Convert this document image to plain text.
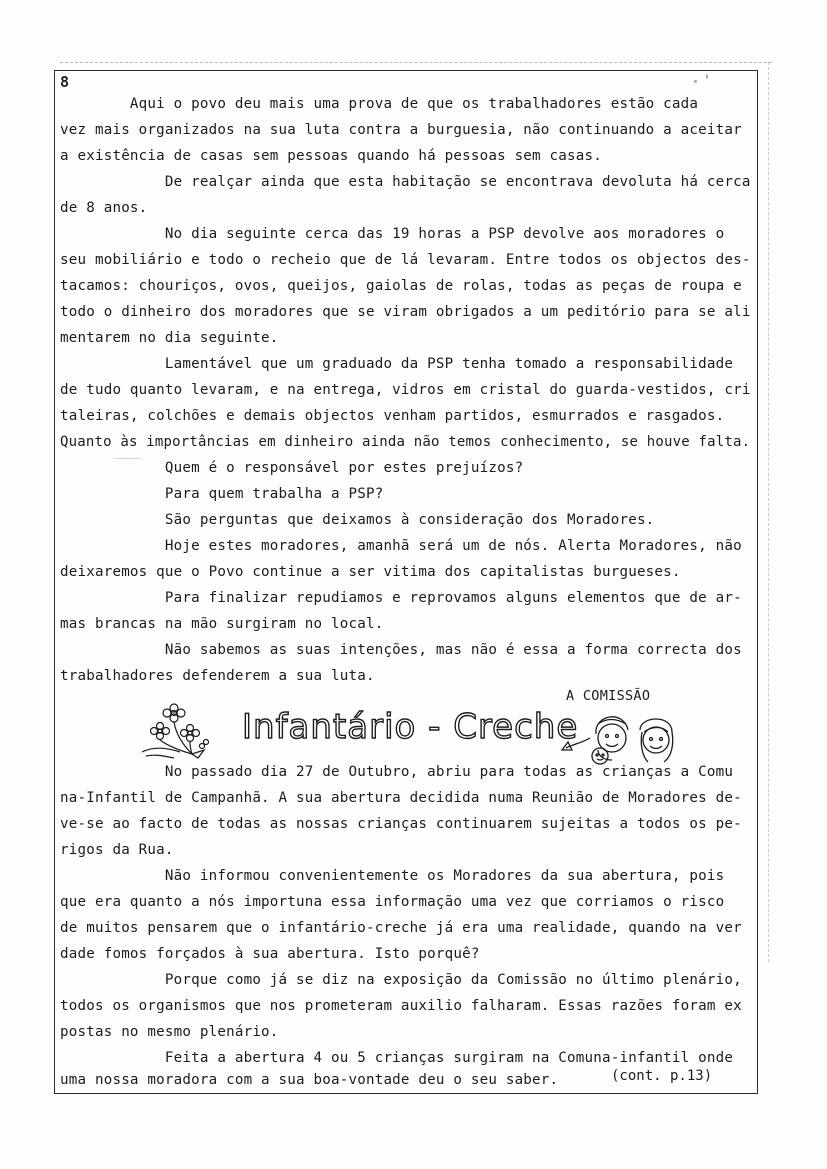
8
Aqui o povo deu mais uma prova de que os trabalhadores estão cada
vez mais organizados na sua luta contra a burguesia, não continuando a aceitar
a existência de casas sem pessoas quando há pessoas sem casas.
De realçar ainda que esta habitação se encontrava devoluta há cerca
de 8 anos.
No dia seguinte cerca das 19 horas a PSP devolve aos moradores o
seu mobiliário e todo o recheio que de lá levaram. Entre todos os objectos des-
tacamos: chouriços, ovos, queijos, gaiolas de rolas, todas as peças de roupa e
todo o dinheiro dos moradores que se viram obrigados a um peditório para se ali
mentarem no dia seguinte.
Lamentável que um graduado da PSP tenha tomado a responsabilidade
de tudo quanto levaram, e na entrega, vidros em cristal do guarda-vestidos, cri
taleiras, colchões e demais objectos venham partidos, esmurrados e rasgados.
Quanto às importâncias em dinheiro ainda não temos conhecimento, se houve falta.
Quem é o responsável por estes prejuízos?
Para quem trabalha a PSP?
São perguntas que deixamos à consideração dos Moradores.
Hoje estes moradores, amanhã será um de nós. Alerta Moradores, não
deixaremos que o Povo continue a ser vitima dos capitalistas burgueses.
Para finalizar repudiamos e reprovamos alguns elementos que de ar-
mas brancas na mão surgiram no local.
Não sabemos as suas intenções, mas não é essa a forma correcta dos
trabalhadores defenderem a sua luta.
A COMISSÃO
Infantário - Creche
No passado dia 27 de Outubro, abriu para todas as crianças a Comu
na-Infantil de Campanhã. A sua abertura decidida numa Reunião de Moradores de-
ve-se ao facto de todas as nossas crianças continuarem sujeitas a todos os pe-
rigos da Rua.
Não informou convenientemente os Moradores da sua abertura, pois
que era quanto a nós importuna essa informação uma vez que corriamos o risco
de muitos pensarem que o infantário-creche já era uma realidade, quando na ver
dade fomos forçados à sua abertura. Isto porquê?
Porque como já se diz na exposição da Comissão no último plenário,
todos os organismos que nos prometeram auxilio falharam. Essas razões foram ex
postas no mesmo plenário.
Feita a abertura 4 ou 5 crianças surgiram na Comuna-infantil onde
uma nossa moradora com a sua boa-vontade deu o seu saber.	(cont. p.13)
